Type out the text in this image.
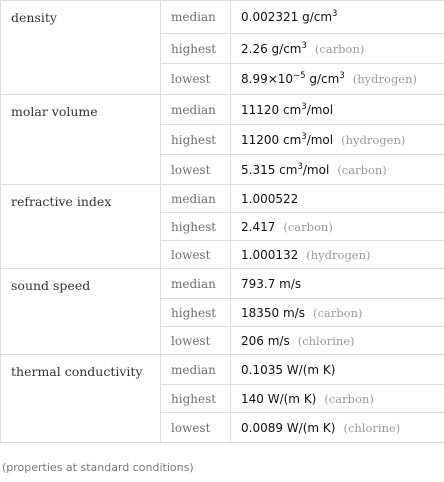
density	median	0.002321 $g/cm^3$
	highest	2.26 $g/cm^3$ (carbon)
	lowest	$8.99\times 10^{-5}$ $g/cm^3$ (hydrogen)
molar volume	median	11120 $cm^3$/mol
	highest	11200 $cm^3$/mol (hydrogen)
	lowest	5.315 $cm^3$/mol (carbon)
refractive index	median	1.000522
	highest	2.417 (carbon)
	lowest	1.000132 (hydrogen)
sound speed	median	793.7 m/s
	highest	18350 m/s (carbon)
	lowest	206 m/s (chlorine)
thermal conductivity	median	0.1035 W/(m K)
	highest	140 W/(m K) (carbon)
	lowest	0.0089 W/(m K) (chlorine)
(properties at standard conditions)
